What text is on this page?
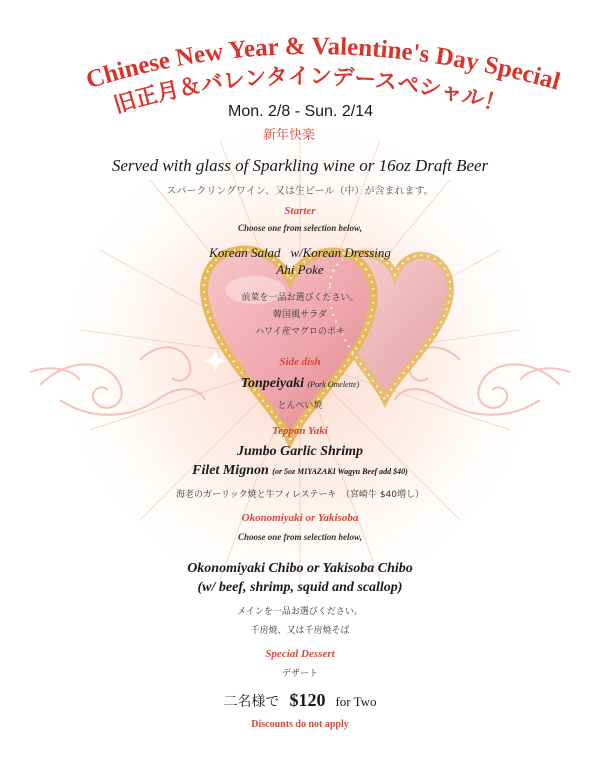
Chinese New Year & Valentine's Day Special
旧正月＆バレンタインデースペシャル！
Mon. 2/8 - Sun. 2/14
新年快楽
Served with glass of Sparkling wine or 16oz Draft Beer
スパークリングワイン、又は生ビール（中）が含まれます。
Starter
Choose one from selection below,
Korean Salad w/Korean Dressing
Ahi Poke
前菜を一品お選びください。
韓国風サラダ
ハワイ産マグロのポキ
Side dish
Tonpeiyaki (Pork Omelette)
とんぺい焼
Teppan Yaki
Jumbo Garlic Shrimp
Filet Mignon (or 5oz MIYAZAKI Wagyu Beef add $40)
海老のガーリック焼と牛フィレステーキ　（宮崎牛 $40増し）
Okonomiyaki or Yakisoba
Choose one from selection below,
Okonomiyaki Chibo or Yakisoba Chibo
(w/ beef, shrimp, squid and scallop)
メインを一品お選びください。
千房焼、又は千房焼そば
Special Dessert
デザート
二名様で $120 for Two
Discounts do not apply
